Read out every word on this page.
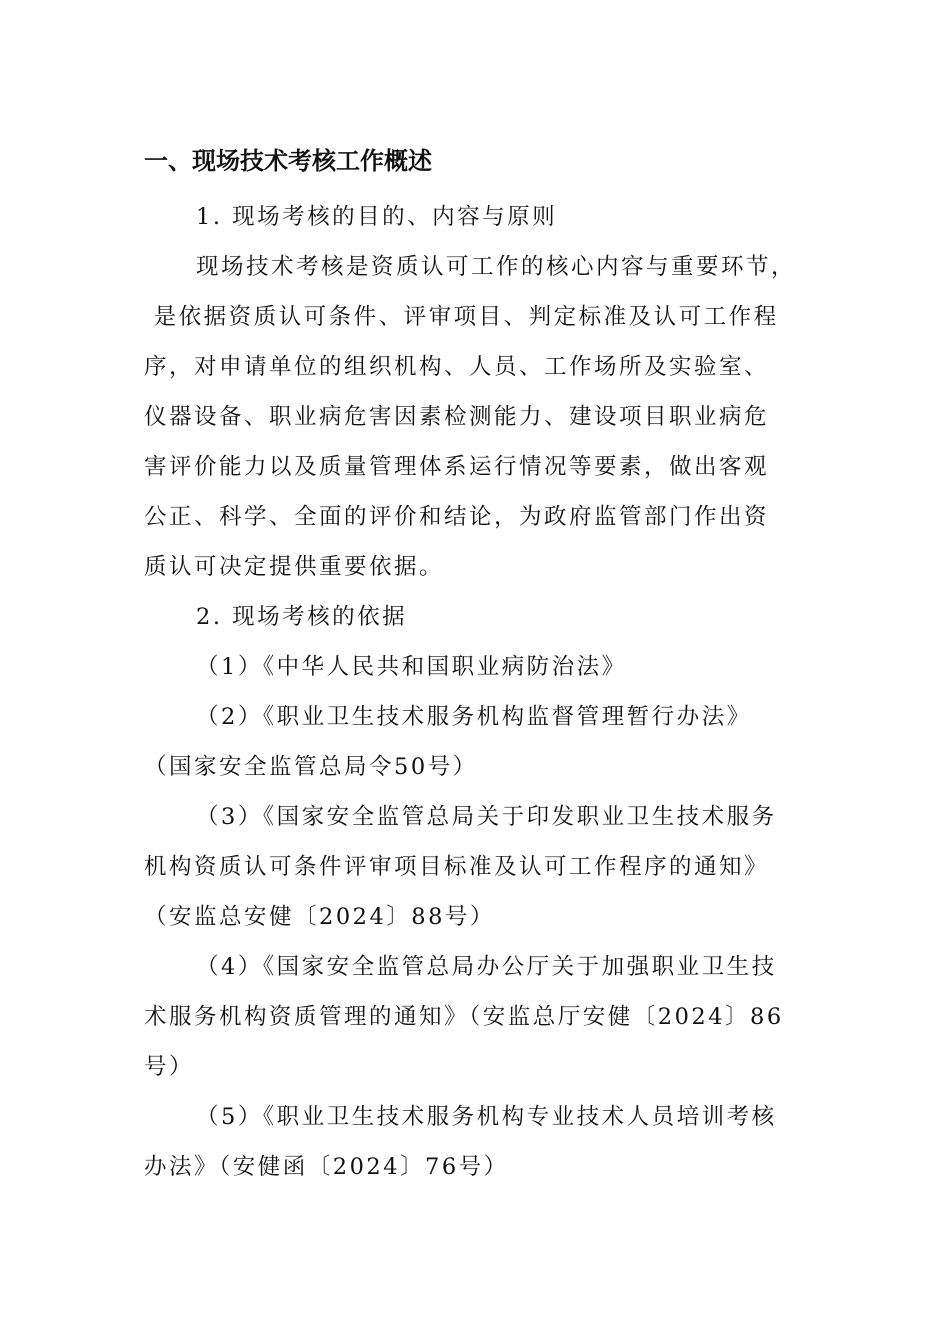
一、现场技术考核工作概述

1. 现场考核的目的、内容与原则

现场技术考核是资质认可工作的核心内容与重要环节，

是依据资质认可条件、评审项目、判定标准及认可工作程

序，对申请单位的组织机构、人员、工作场所及实验室、

仪器设备、职业病危害因素检测能力、建设项目职业病危

害评价能力以及质量管理体系运行情况等要素，做出客观

公正、科学、全面的评价和结论，为政府监管部门作出资

质认可决定提供重要依据。

2. 现场考核的依据

（1）《中华人民共和国职业病防治法》

（2）《职业卫生技术服务机构监督管理暂行办法》

（国家安全监管总局令50号）

（3）《国家安全监管总局关于印发职业卫生技术服务

机构资质认可条件评审项目标准及认可工作程序的通知》

（安监总安健〔2024〕88号）

（4）《国家安全监管总局办公厅关于加强职业卫生技

术服务机构资质管理的通知》（安监总厅安健〔2024〕86

号）

（5）《职业卫生技术服务机构专业技术人员培训考核

办法》（安健函〔2024〕76号）
